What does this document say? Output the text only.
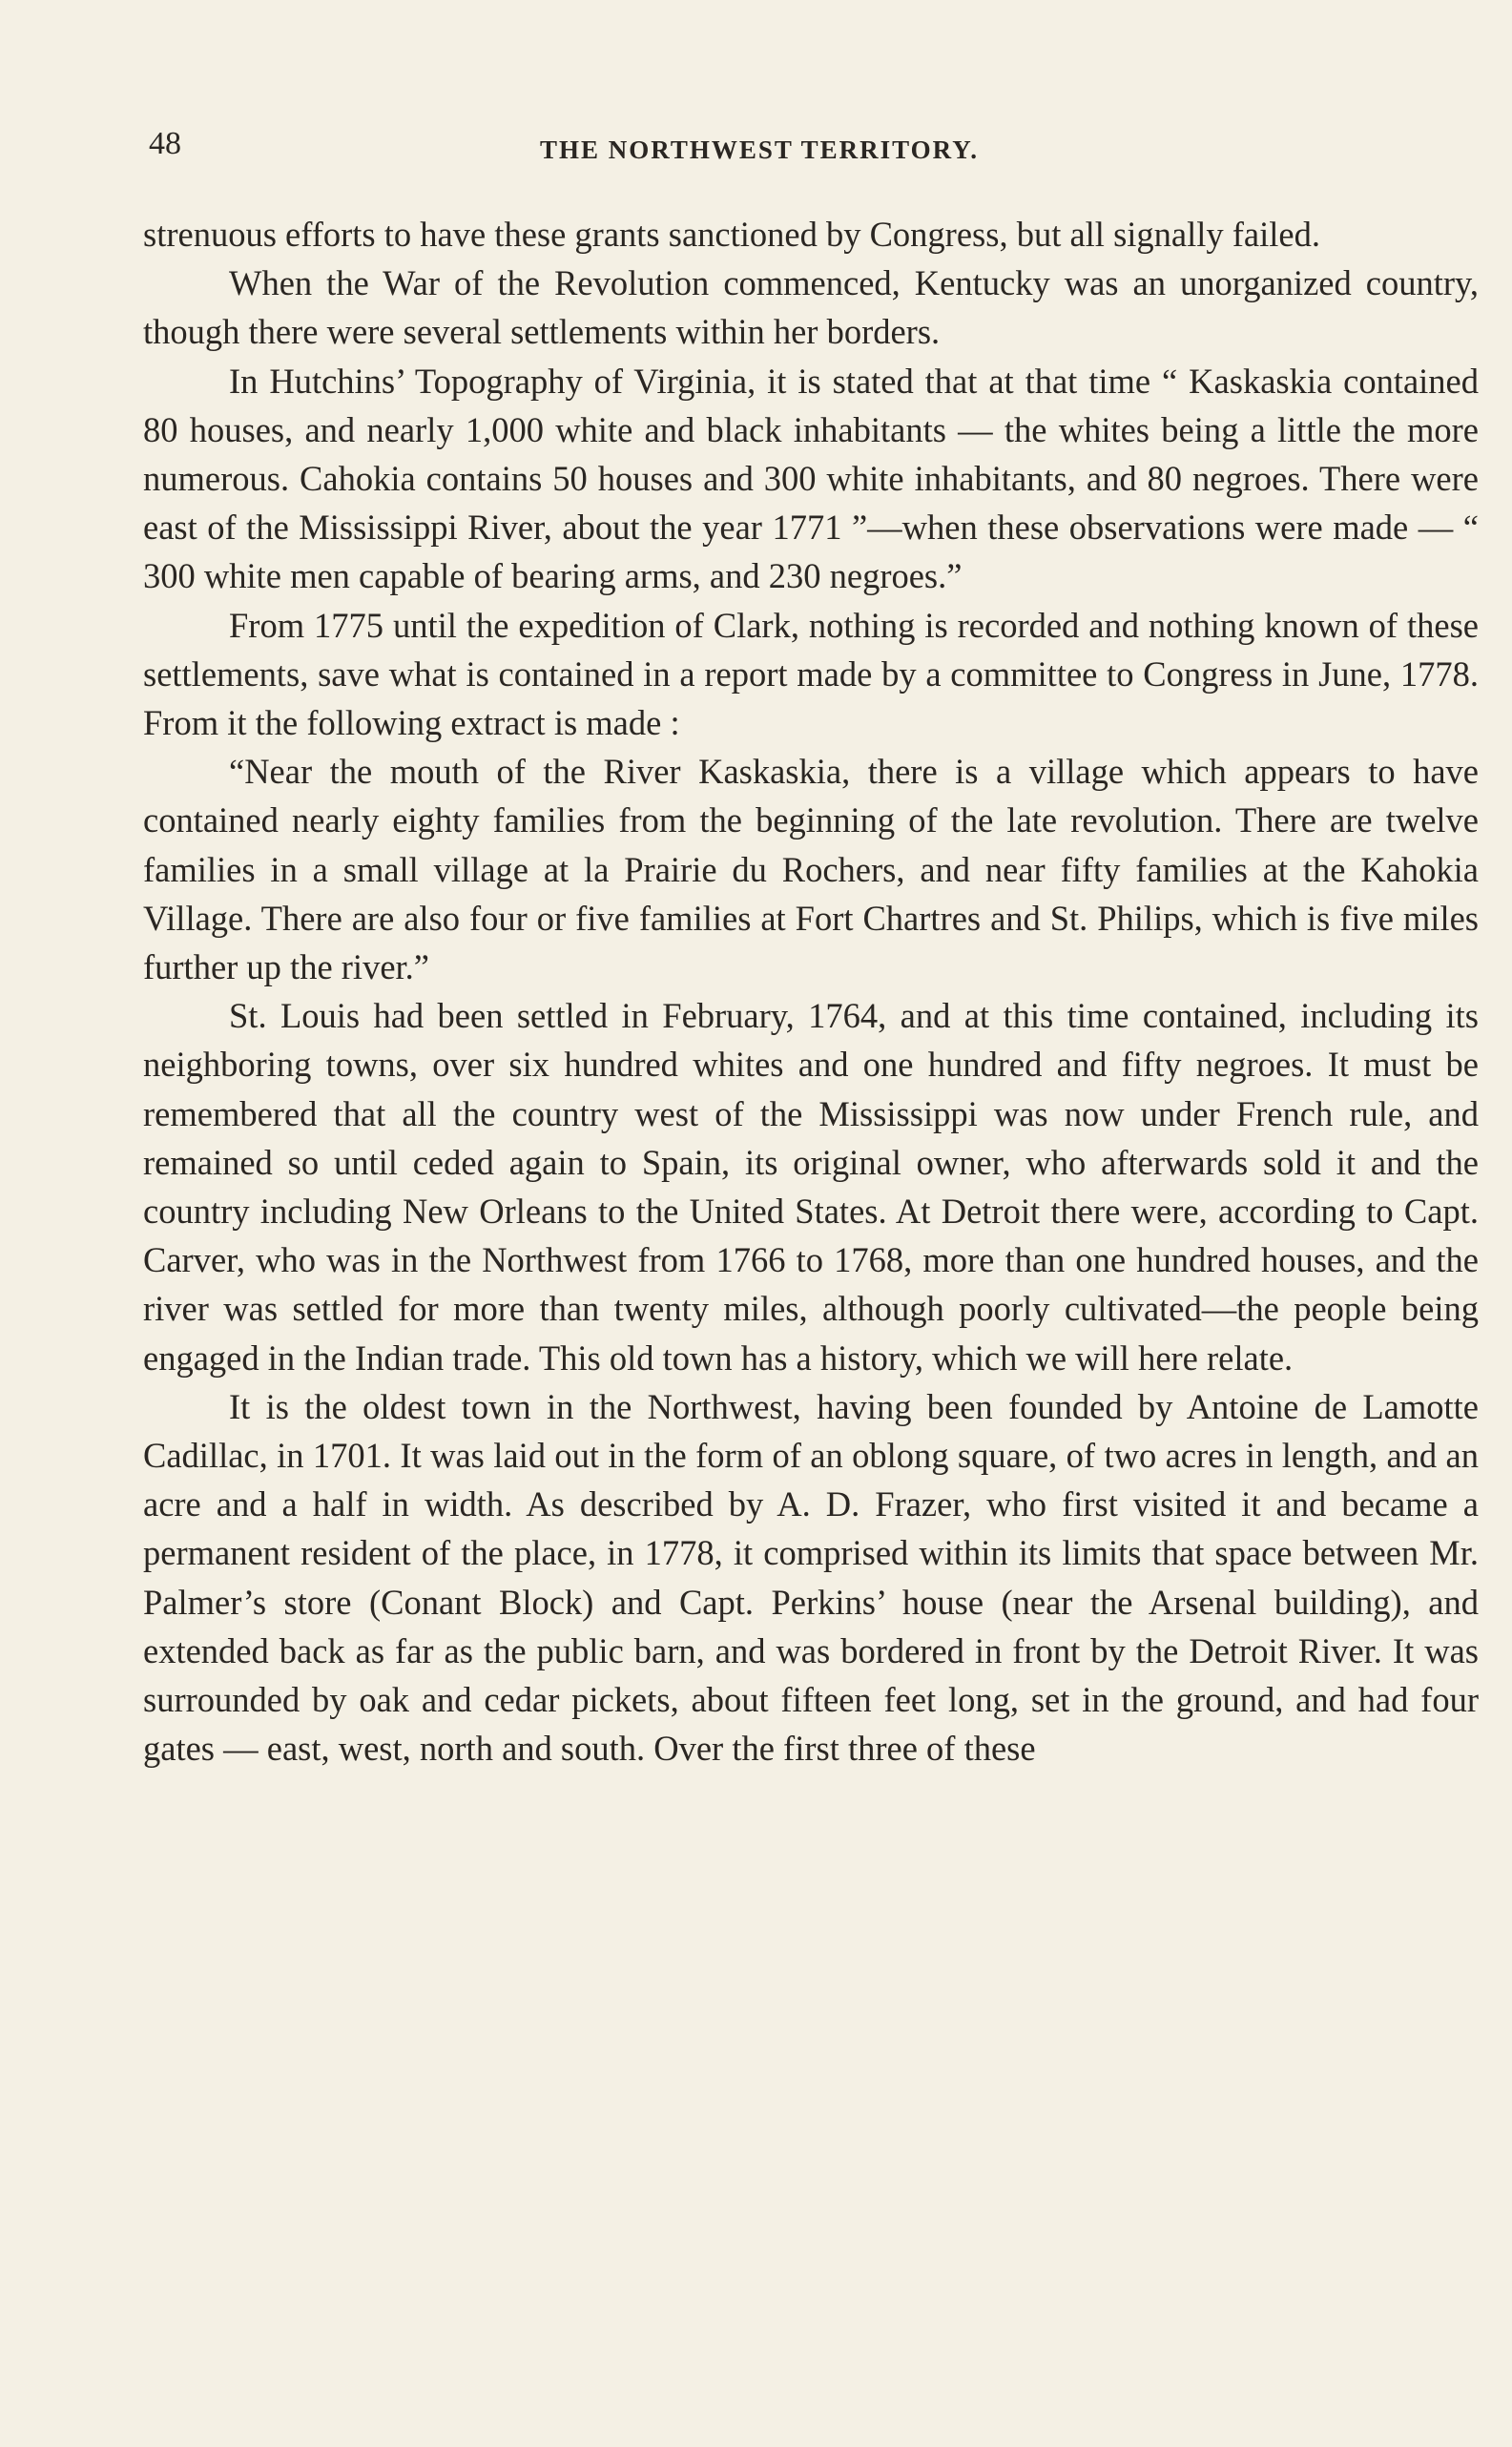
48	THE NORTHWEST TERRITORY.

strenuous efforts to have these grants sanctioned by Congress, but all signally failed.

When the War of the Revolution commenced, Kentucky was an unorganized country, though there were several settlements within her borders.

In Hutchins’ Topography of Virginia, it is stated that at that time “ Kaskaskia contained 80 houses, and nearly 1,000 white and black inhabitants — the whites being a little the more numerous. Cahokia contains 50 houses and 300 white inhabitants, and 80 negroes. There were east of the Mississippi River, about the year 1771 ”—when these observations were made — “ 300 white men capable of bearing arms, and 230 negroes.”

From 1775 until the expedition of Clark, nothing is recorded and nothing known of these settlements, save what is contained in a report made by a committee to Congress in June, 1778. From it the following extract is made :

“Near the mouth of the River Kaskaskia, there is a village which appears to have contained nearly eighty families from the beginning of the late revolution. There are twelve families in a small village at la Prairie du Rochers, and near fifty families at the Kahokia Village. There are also four or five families at Fort Chartres and St. Philips, which is five miles further up the river.”

St. Louis had been settled in February, 1764, and at this time contained, including its neighboring towns, over six hundred whites and one hundred and fifty negroes. It must be remembered that all the country west of the Mississippi was now under French rule, and remained so until ceded again to Spain, its original owner, who afterwards sold it and the country including New Orleans to the United States. At Detroit there were, according to Capt. Carver, who was in the Northwest from 1766 to 1768, more than one hundred houses, and the river was settled for more than twenty miles, although poorly cultivated—the people being engaged in the Indian trade. This old town has a history, which we will here relate.

It is the oldest town in the Northwest, having been founded by Antoine de Lamotte Cadillac, in 1701. It was laid out in the form of an oblong square, of two acres in length, and an acre and a half in width. As described by A. D. Frazer, who first visited it and became a permanent resident of the place, in 1778, it comprised within its limits that space between Mr. Palmer’s store (Conant Block) and Capt. Perkins’ house (near the Arsenal building), and extended back as far as the public barn, and was bordered in front by the Detroit River. It was surrounded by oak and cedar pickets, about fifteen feet long, set in the ground, and had four gates — east, west, north and south. Over the first three of these
